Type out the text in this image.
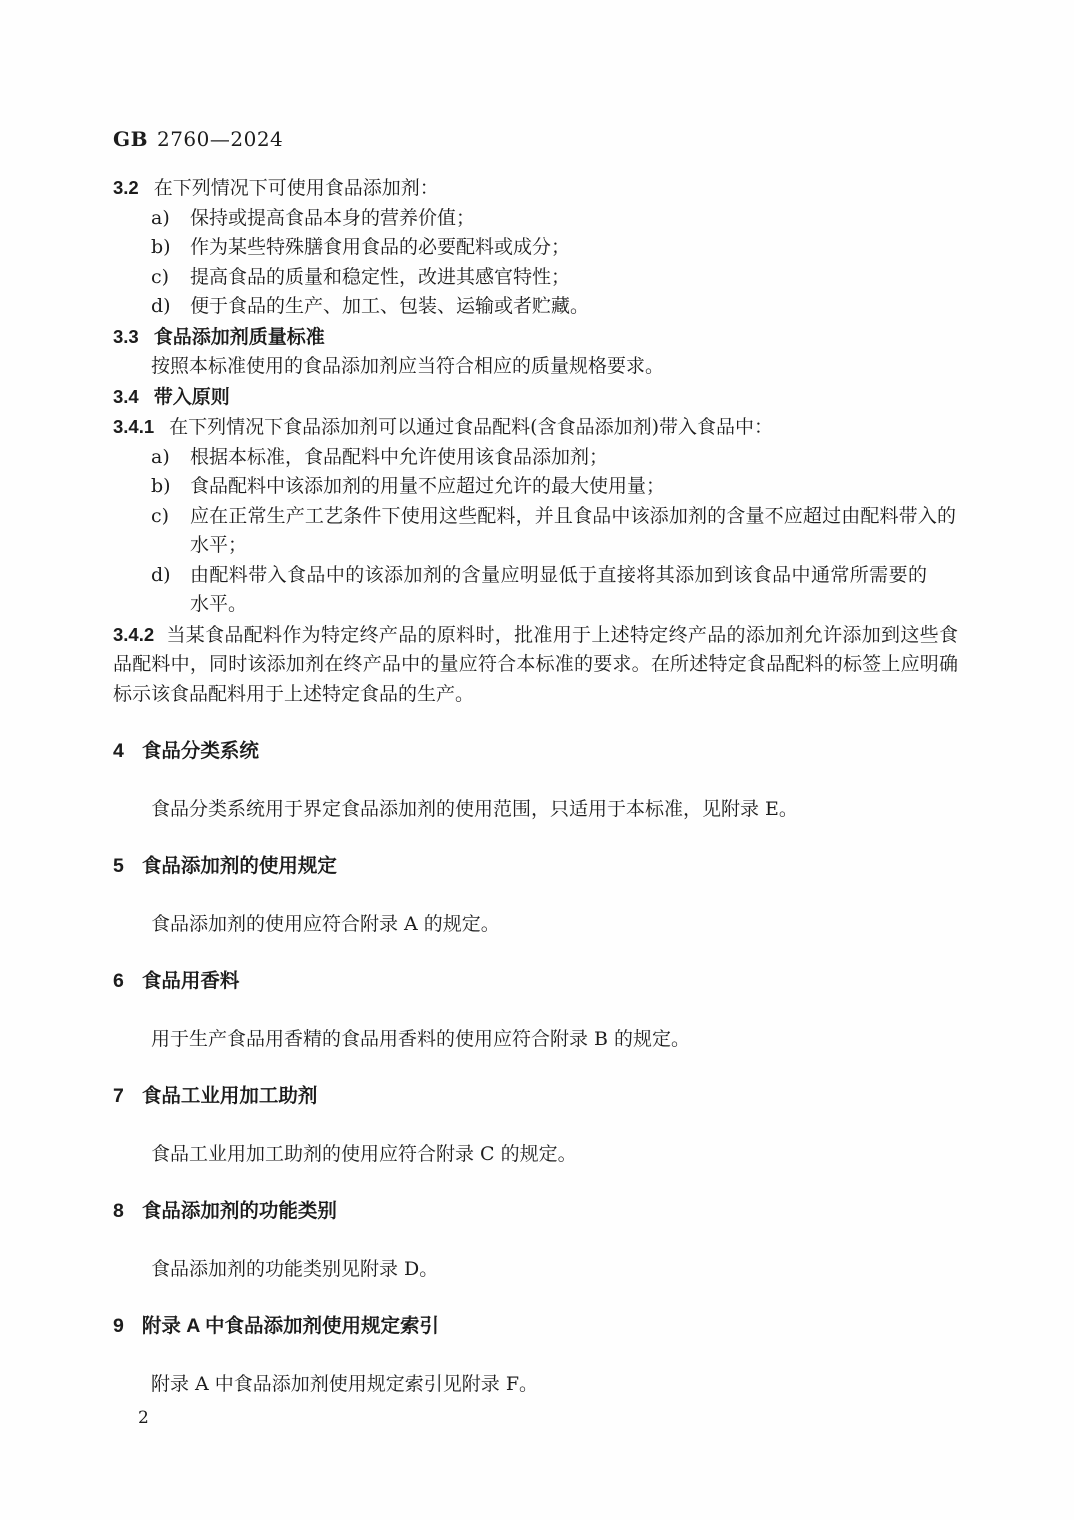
GB 2760—2024
3.2 在下列情况下可使用食品添加剂：
a)	保持或提高食品本身的营养价值；
b)	作为某些特殊膳食用食品的必要配料或成分；
c)	提高食品的质量和稳定性，改进其感官特性；
d)	便于食品的生产、加工、包装、运输或者贮藏。
3.3 食品添加剂质量标准
按照本标准使用的食品添加剂应当符合相应的质量规格要求。
3.4 带入原则
3.4.1 在下列情况下食品添加剂可以通过食品配料(含食品添加剂)带入食品中：
a)	根据本标准，食品配料中允许使用该食品添加剂；
b)	食品配料中该添加剂的用量不应超过允许的最大使用量；
c)	应在正常生产工艺条件下使用这些配料，并且食品中该添加剂的含量不应超过由配料带入的水平；
d)	由配料带入食品中的该添加剂的含量应明显低于直接将其添加到该食品中通常所需要的水平。
3.4.2 当某食品配料作为特定终产品的原料时，批准用于上述特定终产品的添加剂允许添加到这些食品配料中，同时该添加剂在终产品中的量应符合本标准的要求。在所述特定食品配料的标签上应明确标示该食品配料用于上述特定食品的生产。
4 食品分类系统
食品分类系统用于界定食品添加剂的使用范围，只适用于本标准，见附录 E。
5 食品添加剂的使用规定
食品添加剂的使用应符合附录 A 的规定。
6 食品用香料
用于生产食品用香精的食品用香料的使用应符合附录 B 的规定。
7 食品工业用加工助剂
食品工业用加工助剂的使用应符合附录 C 的规定。
8 食品添加剂的功能类别
食品添加剂的功能类别见附录 D。
9 附录 A 中食品添加剂使用规定索引
附录 A 中食品添加剂使用规定索引见附录 F。
2
